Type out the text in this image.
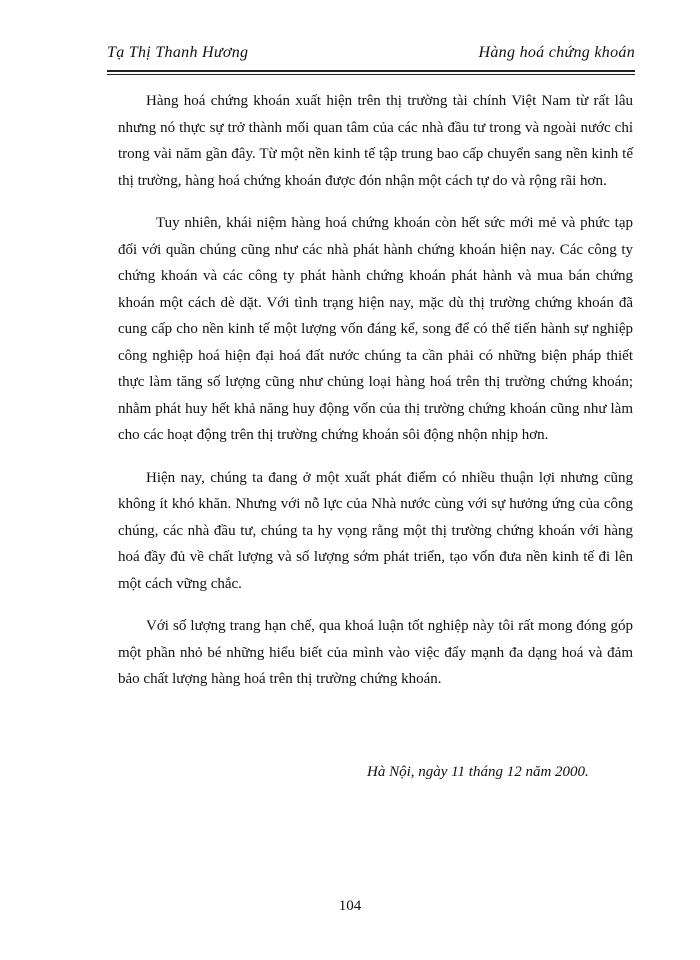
Tạ Thị Thanh Hương	Hàng hoá chứng khoán

Hàng hoá chứng khoán xuất hiện trên thị trường tài chính Việt Nam từ rất lâu nhưng nó thực sự trở thành mối quan tâm của các nhà đầu tư trong và ngoài nước chỉ trong vài năm gần đây. Từ một nền kinh tế tập trung bao cấp chuyển sang nền kinh tế thị trường, hàng hoá chứng khoán được đón nhận một cách tự do và rộng rãi hơn.

Tuy nhiên, khái niệm hàng hoá chứng khoán còn hết sức mới mẻ và phức tạp đối với quần chúng cũng như các nhà phát hành chứng khoán hiện nay. Các công ty chứng khoán và các công ty phát hành chứng khoán phát hành và mua bán chứng khoán một cách dè dặt. Với tình trạng hiện nay, mặc dù thị trường chứng khoán đã cung cấp cho nền kinh tế một lượng vốn đáng kể, song để có thể tiến hành sự nghiệp công nghiệp hoá hiện đại hoá đất nước chúng ta cần phải có những biện pháp thiết thực làm tăng số lượng cũng như chủng loại hàng hoá trên thị trường chứng khoán; nhằm phát huy hết khả năng huy động vốn của thị trường chứng khoán cũng như làm cho các hoạt động trên thị trường chứng khoán sôi động nhộn nhịp hơn.

Hiện nay, chúng ta đang ở một xuất phát điểm có nhiều thuận lợi nhưng cũng không ít khó khăn. Nhưng với nỗ lực của Nhà nước cùng với sự hưởng ứng của công chúng, các nhà đầu tư, chúng ta hy vọng rằng một thị trường chứng khoán với hàng hoá đầy đủ về chất lượng và số lượng sớm phát triển, tạo vốn đưa nền kinh tế đi lên một cách vững chắc.

Với số lượng trang hạn chế, qua khoá luận tốt nghiệp này tôi rất mong đóng góp một phần nhỏ bé những hiểu biết của mình vào việc đẩy mạnh đa dạng hoá và đảm bảo chất lượng hàng hoá trên thị trường chứng khoán.

Hà Nội, ngày 11 tháng 12 năm 2000.
104
